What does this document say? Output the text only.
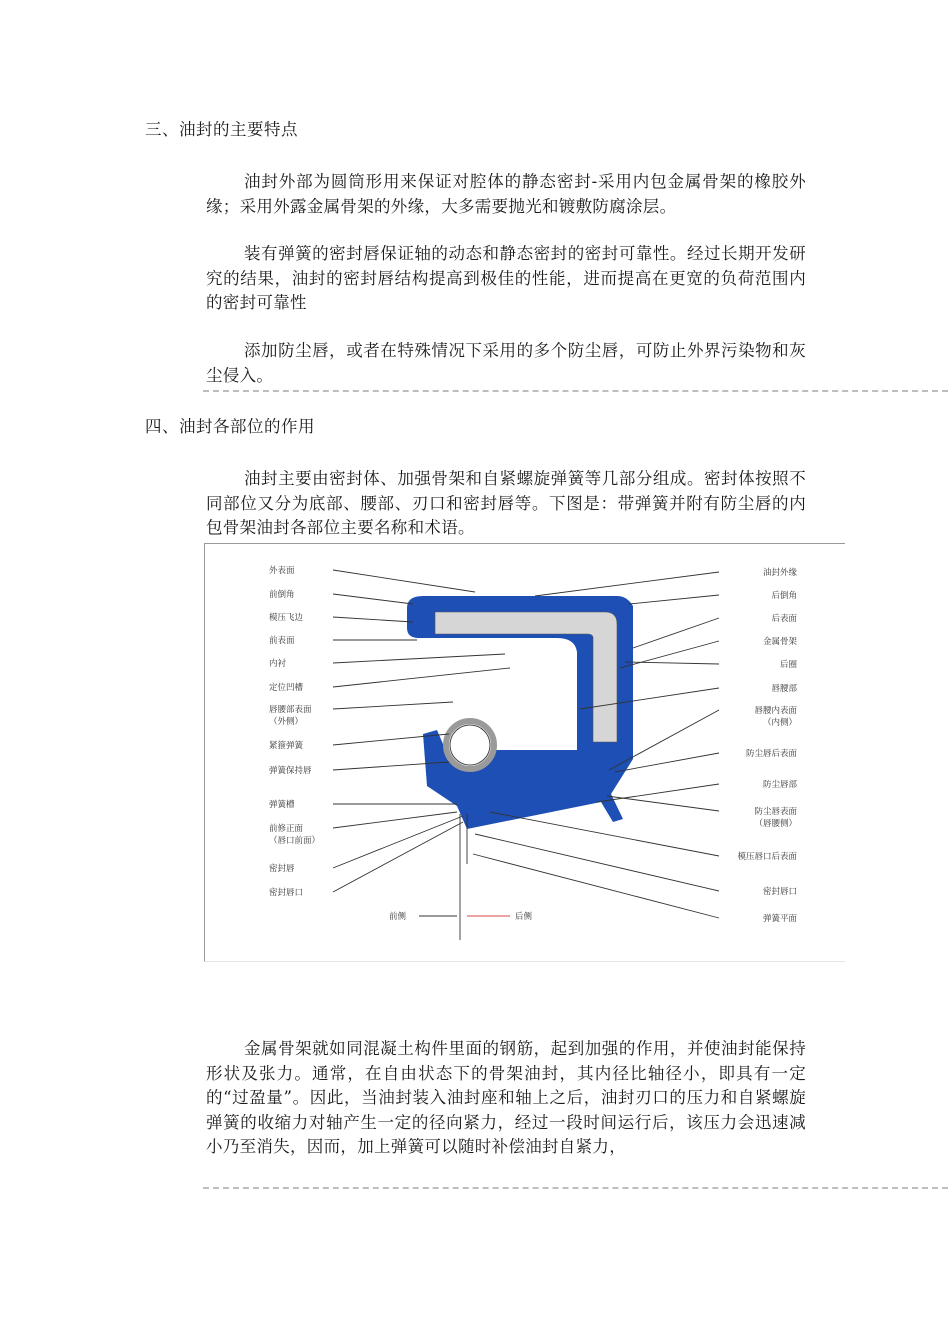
三、油封的主要特点
油封外部为圆筒形用来保证对腔体的静态密封-采用内包金属骨架的橡胶外缘；采用外露金属骨架的外缘，大多需要抛光和镀敷防腐涂层。
装有弹簧的密封唇保证轴的动态和静态密封的密封可靠性。经过长期开发研究的结果，油封的密封唇结构提高到极佳的性能，进而提高在更宽的负荷范围内的密封可靠性
添加防尘唇，或者在特殊情况下采用的多个防尘唇，可防止外界污染物和灰尘侵入。
四、油封各部位的作用
油封主要由密封体、加强骨架和自紧螺旋弹簧等几部分组成。密封体按照不同部位又分为底部、腰部、刃口和密封唇等。下图是：带弹簧并附有防尘唇的内包骨架油封各部位主要名称和术语。
外表面
前倒角
模压飞边
前表面
内衬
定位凹槽
唇腰部表面
（外侧）
紧箍弹簧
弹簧保持唇
弹簧槽
前修正面
（唇口前面）
密封唇
密封唇口
油封外缘
后倒角
后表面
金属骨架
后圈
唇腰部
唇腰内表面
（内侧）
防尘唇后表面
防尘唇部
防尘唇表面
（唇腰侧）
模压唇口后表面
密封唇口
弹簧平面
前侧	后侧
金属骨架就如同混凝土构件里面的钢筋，起到加强的作用，并使油封能保持形状及张力。通常，在自由状态下的骨架油封，其内径比轴径小，即具有一定的“过盈量”。因此，当油封装入油封座和轴上之后，油封刃口的压力和自紧螺旋弹簧的收缩力对轴产生一定的径向紧力，经过一段时间运行后，该压力会迅速减小乃至消失，因而，加上弹簧可以随时补偿油封自紧力，
